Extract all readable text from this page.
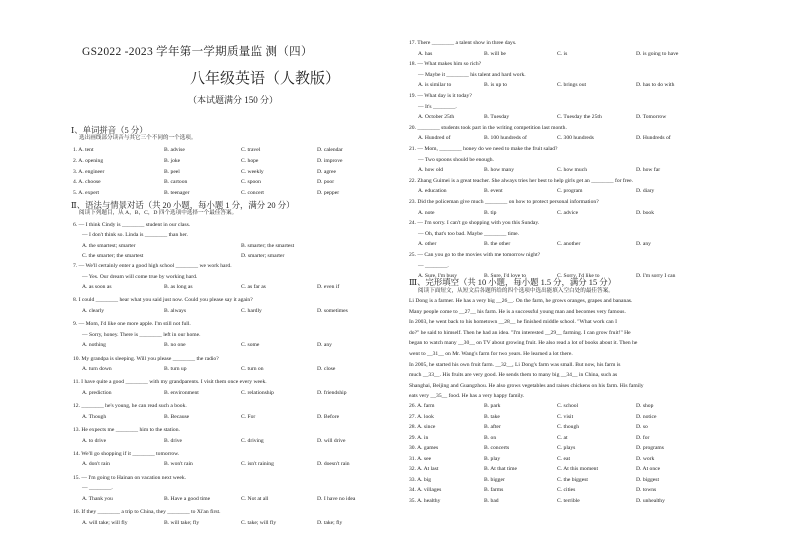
GS2022 -2023 学年第一学期质量监 测（四）
八年级英语（人教版）
（本试题满分 150 分）
Ⅰ、单词拼音（5 分）
选出画线部分读音与其它三个不同的一个选项。
1. A. tent	B. advise	C. travel	D. calendar
2. A. opening	B. joke	C. hope	D. improve
3. A. engineer	B. peel	C. weekly	D. agree
4. A. choose	B. cartoon	C. spoon	D. poor
5. A. expert	B. teenager	C. concert	D. pepper
Ⅱ、语法与情景对话（共 20 小题，每小题 1 分，满分 20 分）
阅读下列题目，从 A，B，C，D 四个选项中选择一个最佳答案。
6. — I think Cindy is ________ student in our class.
— I don't think so. Linda is ________ than her.
A. the smartest; smarter	B. smarter; the smartest
C. the smarter; the smartest	D. smarter; smarter
7. — We'll certainly enter a good high school ________ we work hard.
— Yes. Our dream will come true by working hard.
A. as soon as	B. as long as	C. as far as	D. even if
8. I could ________ hear what you said just now. Could you please say it again?
A. clearly	B. always	C. hardly	D. sometimes
9. — Mom, I'd like one more apple. I'm still not full.
— Sorry, honey. There is ________ left in our home.
A. nothing	B. no one	C. some	D. any
10. My grandpa is sleeping. Will you please ________ the radio?
A. turn down	B. turn up	C. turn on	D. close
11. I have quite a good ________ with my grandparents. I visit them once every week.
A. prediction	B. environment	C. relationship	D. friendship
12. ________ he's young, he can read such a book.
A. Though	B. Because	C. For	D. Before
13. He expects me ________ him to the station.
A. to drive	B. drive	C. driving	D. will drive
14. We'll go shopping if it ________ tomorrow.
A. don't rain	B. won't rain	C. isn't raining	D. doesn't rain
15. — I'm going to Hainan on vacation next week.
— ________.
A. Thank you	B. Have a good time	C. Not at all	D. I have no idea
16. If they ________ a trip to China, they ________ to Xi'an first.
A. will take; will fly	B. will take; fly	C. take; will fly	D. take; fly
17. There ________ a talent show in three days.
A. has	B. will be	C. is	D. is going to have
18. — What makes him so rich?
— Maybe it ________ his talent and hard work.
A. is similar to	B. is up to	C. brings out	D. has to do with
19. — What day is it today?
— It's ________.
A. October 25th	B. Tuesday	C. Tuesday the 25th	D. Tomorrow
20. ________ students took part in the writing competition last month.
A. Hundred of	B. 100 hundreds of	C. 300 hundreds	D. Hundreds of
21. — Mom, ________ honey do we need to make the fruit salad?
— Two spoons should be enough.
A. how old	B. how many	C. how much	D. how far
22. Zhang Guimei is a great teacher. She always tries her best to help girls get an ________ for free.
A. education	B. event	C. program	D. diary
23. Did the policeman give much ________ on how to protect personal information?
A. note	B. tip	C. advice	D. book
24. — I'm sorry. I can't go shopping with you this Sunday.
— Oh, that's too bad. Maybe ________ time.
A. other	B. the other	C. another	D. any
25. — Can you go to the movies with me tomorrow night?
— ________.
A. Sure, I'm busy	B. Sure, I'd love to	C. Sorry, I'd like to	D. I'm sorry I can
Ⅲ、完形填空（共 10 小题，每小题 1.5 分，满分 15 分）
阅读下面短文，从短文后各题所给的四个选项中选出能填入空白处的最佳答案。
Li Dong is a farmer. He has a very big __26__. On the farm, he grows oranges, grapes and bananas.
Many people come to __27__ his farm. He is a successful young man and becomes very famous.
In 2003, he went back to his hometown __28__ he finished middle school. "What work can I
do?" he said to himself. Then he had an idea. "I'm interested __29__ farming. I can grow fruit!" He
began to watch many __30__ on TV about growing fruit. He also read a lot of books about it. Then he
went to __31__ on Mr. Wang's farm for two years. He learned a lot there.
In 2005, he started his own fruit farm. __32__, Li Dong's farm was small. But now, his farm is
much __33__. His fruits are very good. He sends them to many big __34__ in China, such as
Shanghai, Beijing and Guangzhou. He also grows vegetables and raises chickens on his farm. His family
eats very __35__ food. He has a very happy family.
26. A. farm	B. park	C. school	D. shop
27. A. look	B. take	C. visit	D. notice
28. A. since	B. after	C. though	D. so
29. A. in	B. on	C. at	D. for
30. A. games	B. concerts	C. plays	D. programs
31. A. see	B. play	C. eat	D. work
32. A. At last	B. At that time	C. At this moment	D. At once
33. A. big	B. bigger	C. the biggest	D. biggest
34. A. villages	B. farms	C. cities	D. towns
35. A. healthy	B. bad	C. terrible	D. unhealthy
